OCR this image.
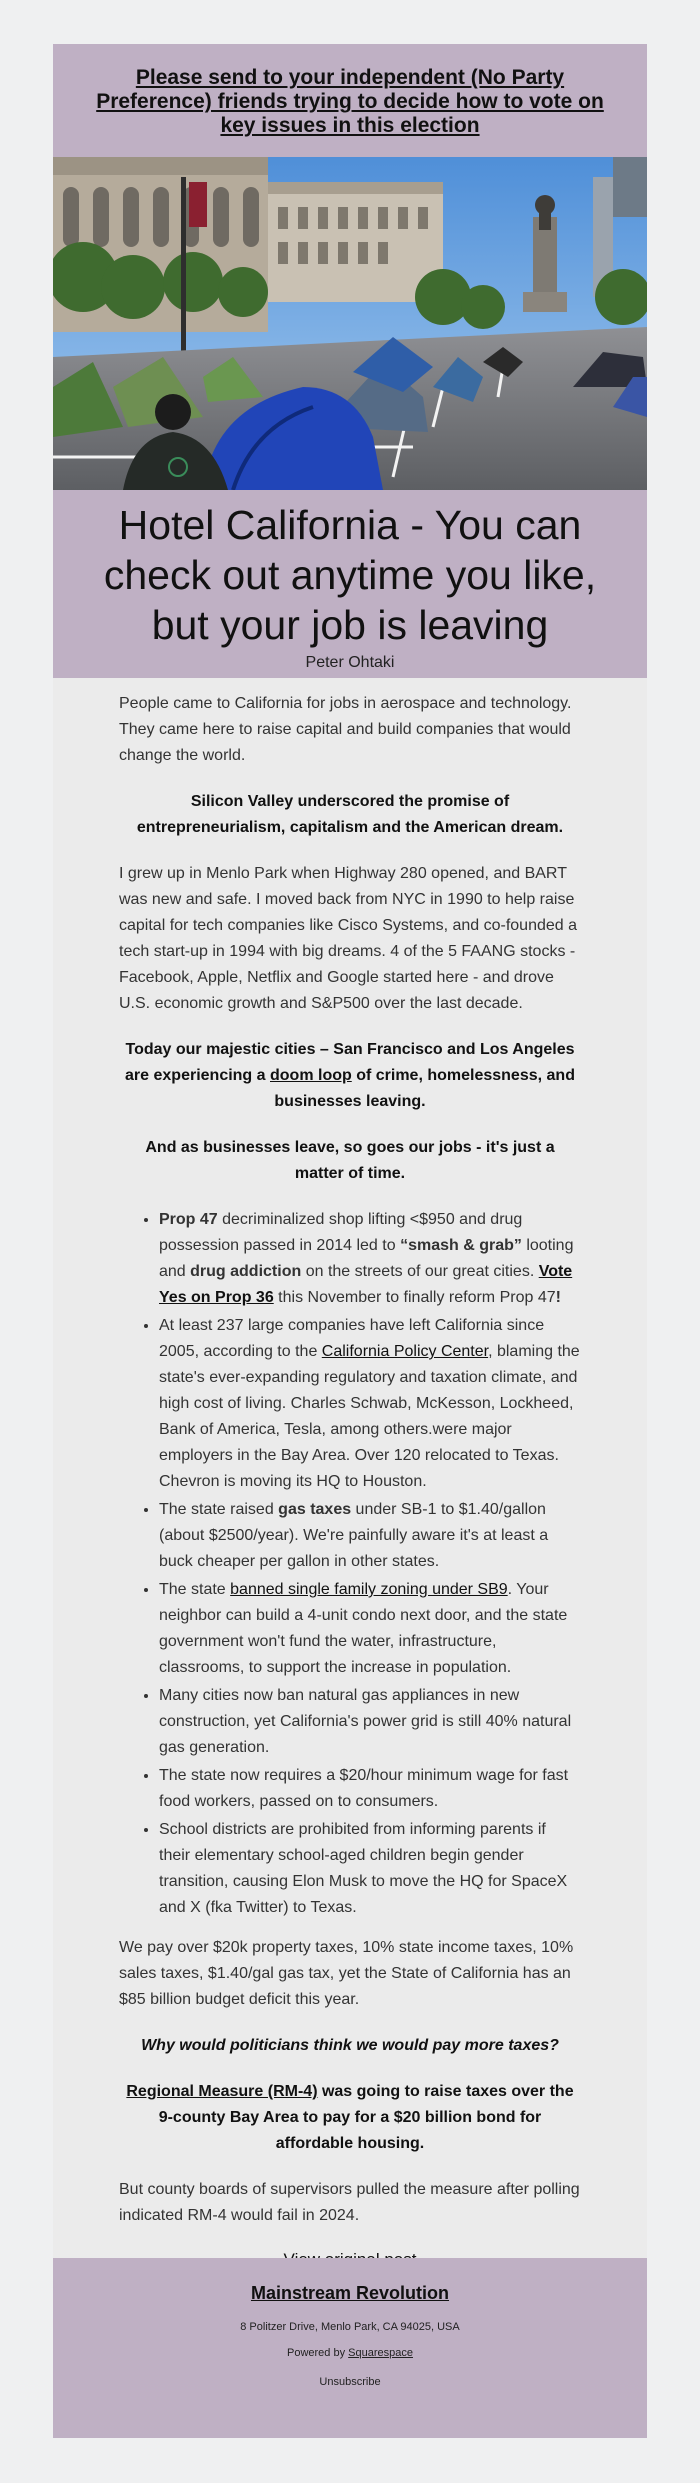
Please send to your independent (No Party Preference) friends trying to decide how to vote on key issues in this election
Hotel California - You can check out anytime you like, but your job is leaving
Peter Ohtaki

People came to California for jobs in aerospace and technology. They came here to raise capital and build companies that would change the world.

Silicon Valley underscored the promise of entrepreneurialism, capitalism and the American dream.

I grew up in Menlo Park when Highway 280 opened, and BART was new and safe. I moved back from NYC in 1990 to help raise capital for tech companies like Cisco Systems, and co-founded a tech start-up in 1994 with big dreams. 4 of the 5 FAANG stocks - Facebook, Apple, Netflix and Google started here - and drove U.S. economic growth and S&P500 over the last decade.

Today our majestic cities – San Francisco and Los Angeles are experiencing a doom loop of crime, homelessness, and businesses leaving.

And as businesses leave, so goes our jobs - it's just a matter of time.

• Prop 47 decriminalized shop lifting <$950 and drug possession passed in 2014 led to “smash & grab” looting and drug addiction on the streets of our great cities. Vote Yes on Prop 36 this November to finally reform Prop 47!
• At least 237 large companies have left California since 2005, according to the California Policy Center, blaming the state's ever-expanding regulatory and taxation climate, and high cost of living. Charles Schwab, McKesson, Lockheed, Bank of America, Tesla, among others.were major employers in the Bay Area. Over 120 relocated to Texas. Chevron is moving its HQ to Houston.
• The state raised gas taxes under SB-1 to $1.40/gallon (about $2500/year). We're painfully aware it's at least a buck cheaper per gallon in other states.
• The state banned single family zoning under SB9. Your neighbor can build a 4-unit condo next door, and the state government won't fund the water, infrastructure, classrooms, to support the increase in population.
• Many cities now ban natural gas appliances in new construction, yet California's power grid is still 40% natural gas generation.
• The state now requires a $20/hour minimum wage for fast food workers, passed on to consumers.
• School districts are prohibited from informing parents if their elementary school-aged children begin gender transition, causing Elon Musk to move the HQ for SpaceX and X (fka Twitter) to Texas.

We pay over $20k property taxes, 10% state income taxes, 10% sales taxes, $1.40/gal gas tax, yet the State of California has an $85 billion budget deficit this year.

Why would politicians think we would pay more taxes?

Regional Measure (RM-4) was going to raise taxes over the 9-county Bay Area to pay for a $20 billion bond for affordable housing.

But county boards of supervisors pulled the measure after polling indicated RM-4 would fail in 2024.

Mainstream Revolution
8 Politzer Drive, Menlo Park, CA 94025, USA
Powered by Squarespace
Unsubscribe
